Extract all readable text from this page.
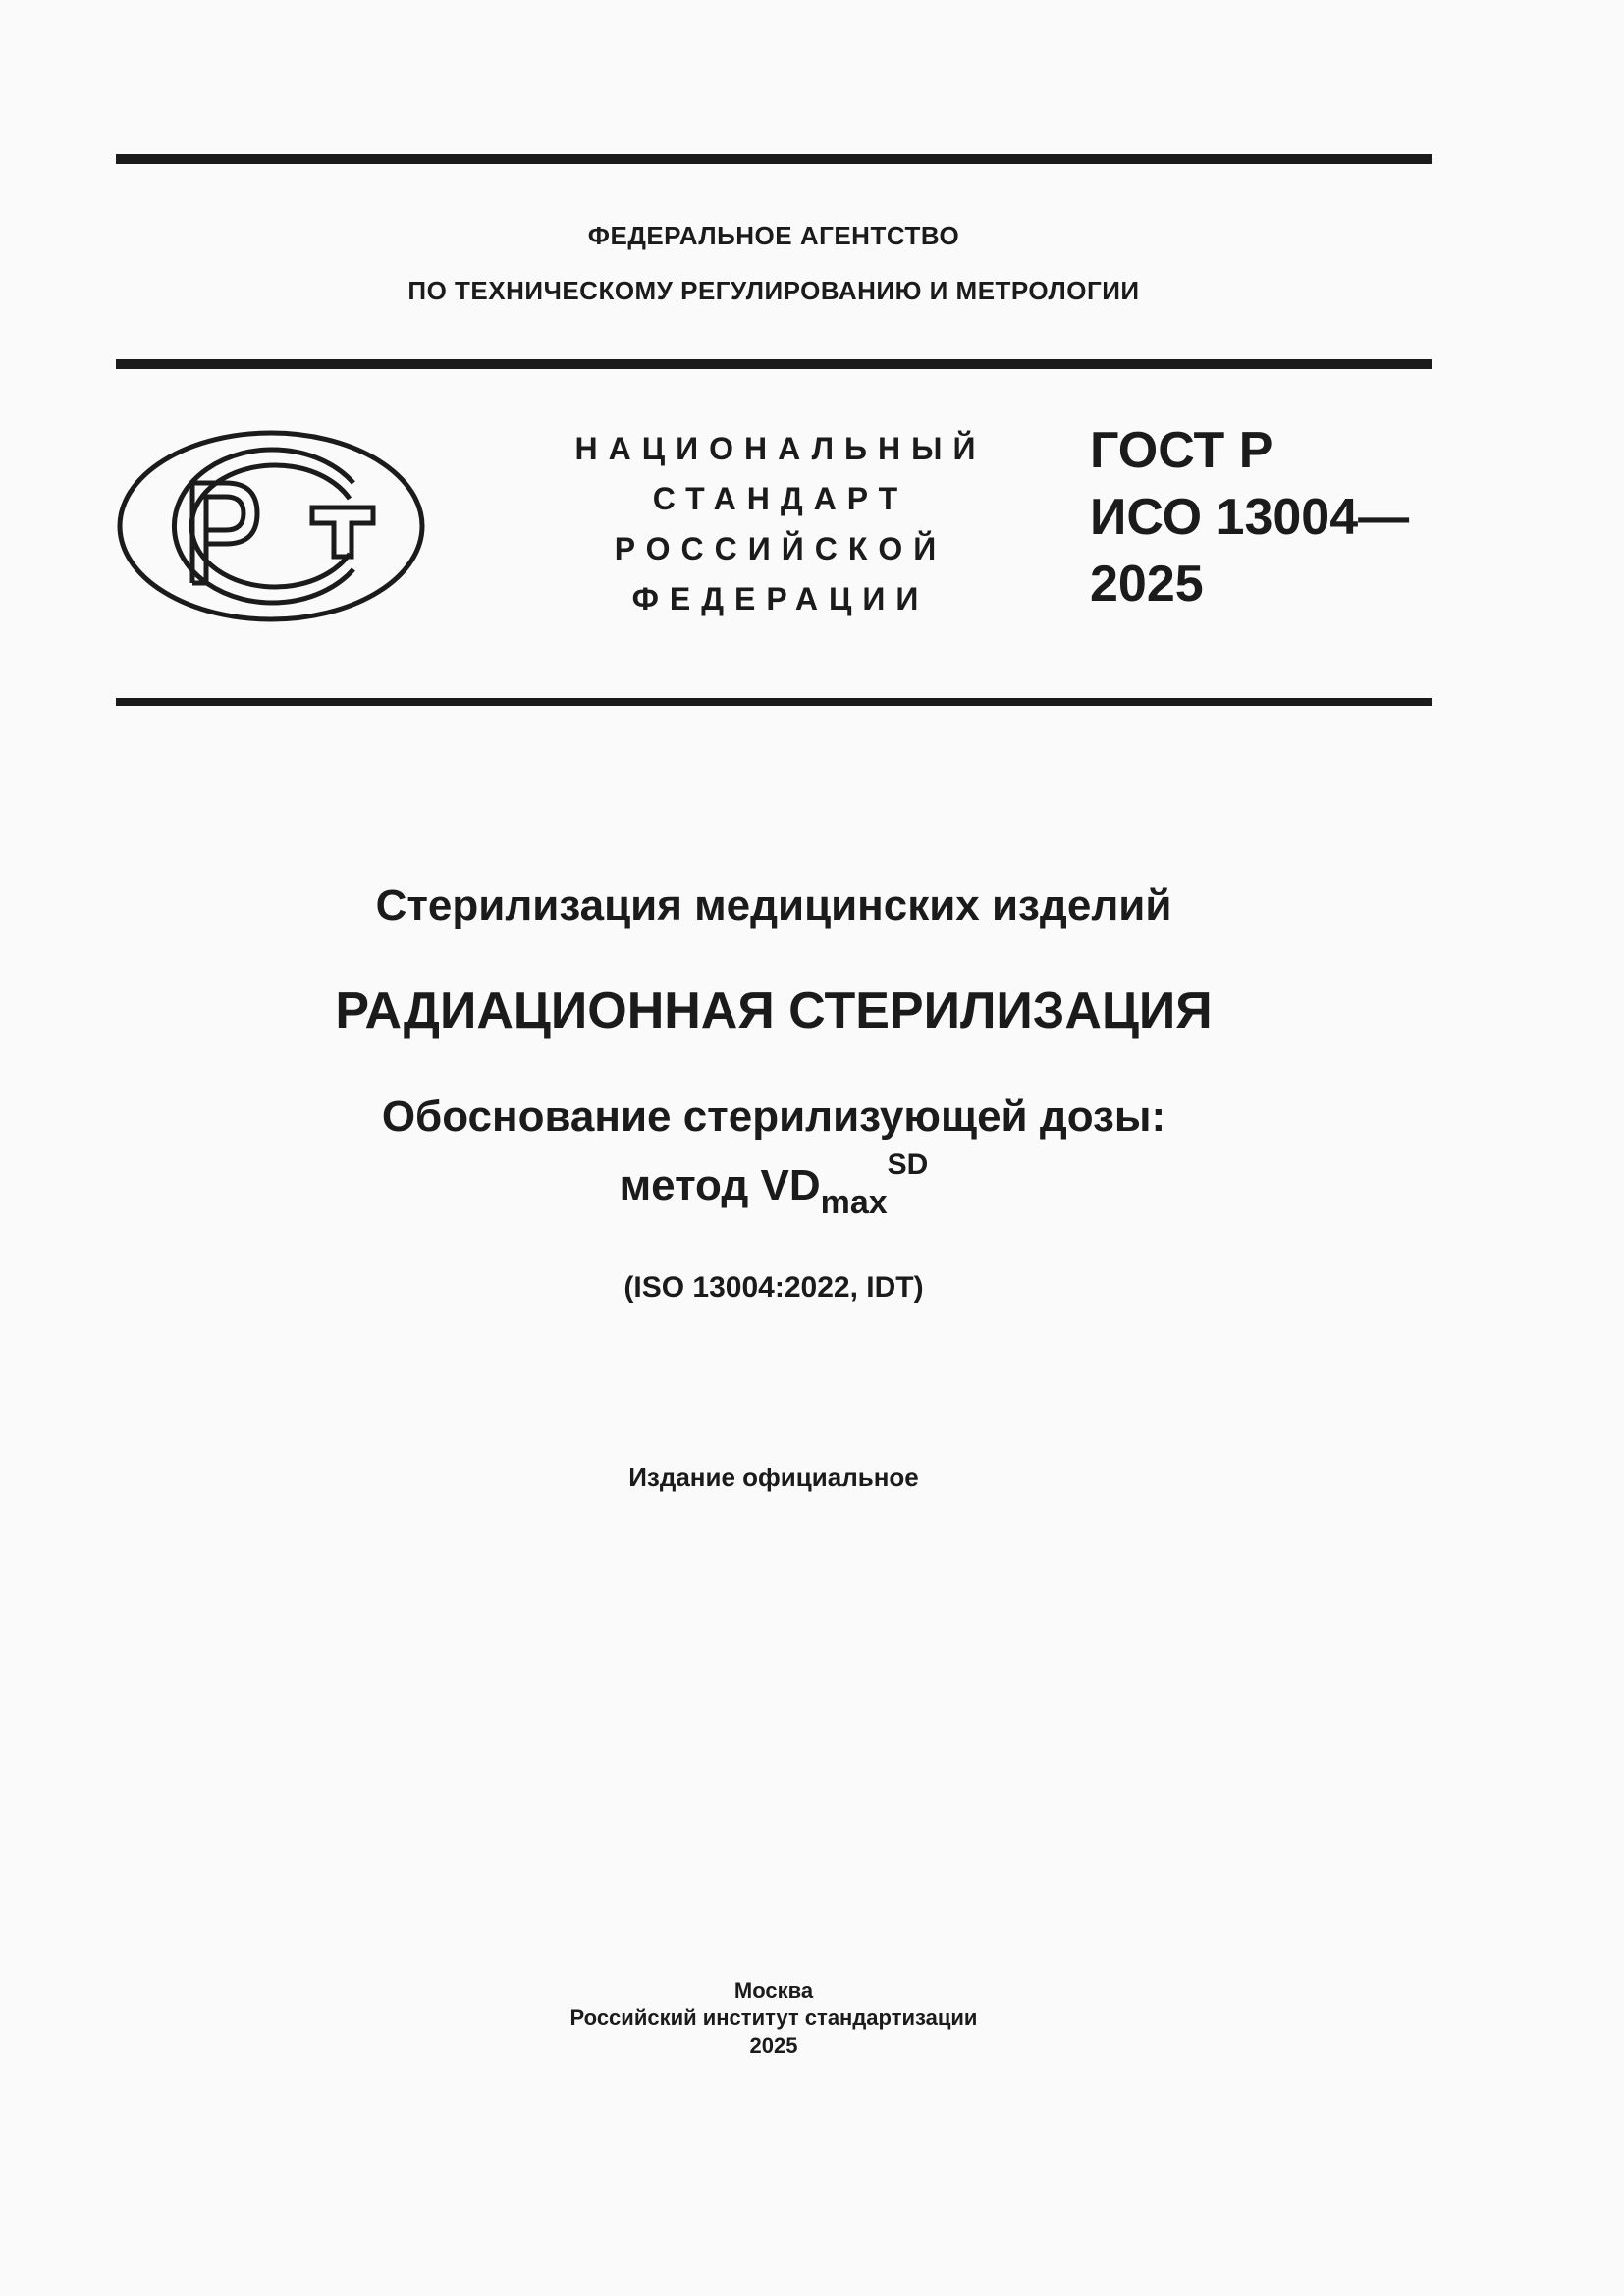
ФЕДЕРАЛЬНОЕ АГЕНТСТВО
ПО ТЕХНИЧЕСКОМУ РЕГУЛИРОВАНИЮ И МЕТРОЛОГИИ
НАЦИОНАЛЬНЫЙ
СТАНДАРТ
РОССИЙСКОЙ
ФЕДЕРАЦИИ
ГОСТ Р
ИСО 13004—
2025
Стерилизация медицинских изделий
РАДИАЦИОННАЯ СТЕРИЛИЗАЦИЯ
Обоснование стерилизующей дозы:
метод $VD_{max}^{SD}$
(ISO 13004:2022, IDT)
Издание официальное
Москва
Российский институт стандартизации
2025
